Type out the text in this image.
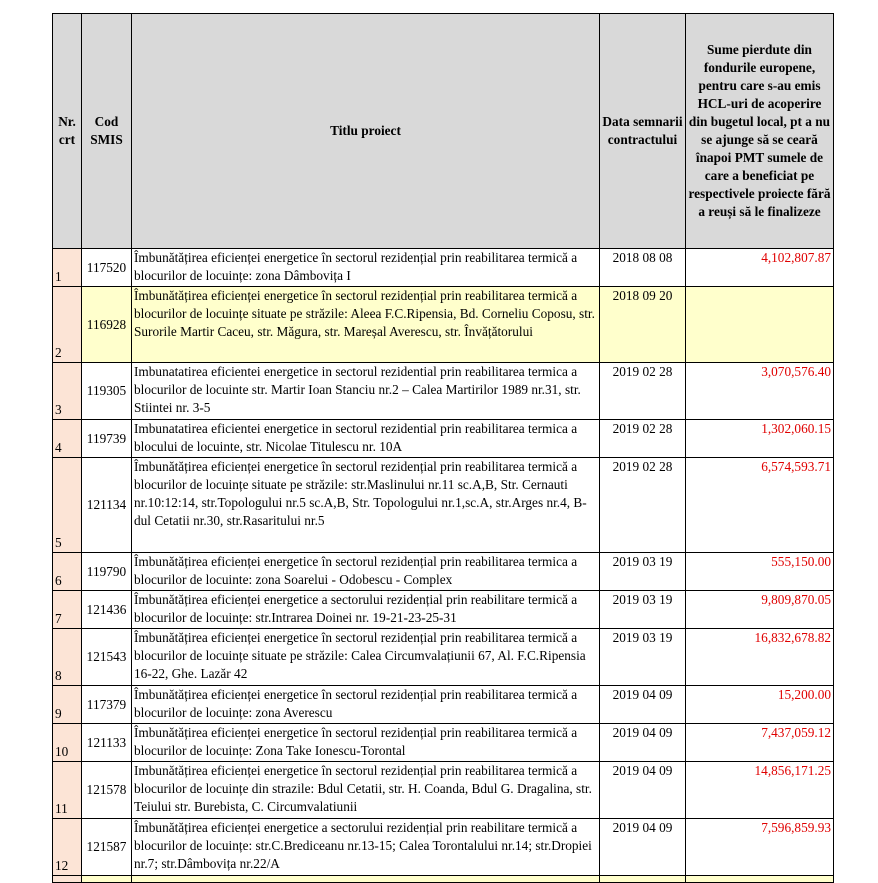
Nr. crt	Cod SMIS	Titlu proiect	Data semnarii contractului	Sume pierdute din fondurile europene, pentru care s-au emis HCL-uri de acoperire din bugetul local, pt a nu se ajunge să se ceară înapoi PMT sumele de care a beneficiat pe respectivele proiecte fără a reuși să le finalizeze
1	117520	Îmbunătățirea eficienței energetice în sectorul rezidențial prin reabilitarea termică a blocurilor de locuințe: zona Dâmbovița I	2018 08 08	4,102,807.87
2	116928	Îmbunătățirea eficienței energetice în sectorul rezidențial prin reabilitarea termică a blocurilor de locuințe situate pe străzile: Aleea F.C.Ripensia, Bd. Corneliu Coposu, str. Surorile Martir Caceu, str. Măgura, str. Mareșal Averescu, str. Învățătorului	2018 09 20	
3	119305	Imbunatatirea eficientei energetice in sectorul rezidential prin reabilitarea termica a blocurilor de locuinte str. Martir Ioan Stanciu nr.2 – Calea Martirilor 1989 nr.31, str. Stiintei nr. 3-5	2019 02 28	3,070,576.40
4	119739	Imbunatatirea eficientei energetice in sectorul rezidential prin reabilitarea termica a blocului de locuinte, str. Nicolae Titulescu nr. 10A	2019 02 28	1,302,060.15
5	121134	Îmbunătățirea eficienței energetice în sectorul rezidențial prin reabilitarea termică a blocurilor de locuințe situate pe străzile: str.Maslinului nr.11 sc.A,B, Str. Cernauti nr.10:12:14, str.Topologului nr.5 sc.A,B, Str. Topologului nr.1,sc.A, str.Arges nr.4, B-dul Cetatii nr.30, str.Rasaritului nr.5	2019 02 28	6,574,593.71
6	119790	Îmbunătățirea eficienței energetice în sectorul rezidențial prin reabilitarea termica a blocurilor de locuinte: zona Soarelui - Odobescu - Complex	2019 03 19	555,150.00
7	121436	Îmbunătățirea eficienței energetice a sectorului rezidențial prin reabilitare termică a blocurilor de locuințe: str.Intrarea Doinei nr. 19-21-23-25-31	2019 03 19	9,809,870.05
8	121543	Îmbunătățirea eficienței energetice în sectorul rezidențial prin reabilitarea termică a blocurilor de locuințe situate pe străzile: Calea Circumvalațiunii 67, Al. F.C.Ripensia 16-22, Ghe. Lazăr 42	2019 03 19	16,832,678.82
9	117379	Îmbunătățirea eficienței energetice în sectorul rezidențial prin reabilitarea termică a blocurilor de locuințe: zona Averescu	2019 04 09	15,200.00
10	121133	Îmbunătățirea eficienței energetice în sectorul rezidențial prin reabilitarea termică a blocurilor de locuințe: Zona Take Ionescu-Torontal	2019 04 09	7,437,059.12
11	121578	Imbunătățirea eficienței energetice în sectorul rezidențial prin reabilitarea termică a blocurilor de locuințe din strazile: Bdul Cetatii, str. H. Coanda, Bdul G. Dragalina, str. Teiului str. Burebista, C. Circumvalatiunii	2019 04 09	14,856,171.25
12	121587	Îmbunătățirea eficienței energetice a sectorului rezidențial prin reabilitare termică a blocurilor de locuințe: str.C.Brediceanu nr.13-15; Calea Torontalului nr.14; str.Dropiei nr.7; str.Dâmbovița nr.22/A	2019 04 09	7,596,859.93
